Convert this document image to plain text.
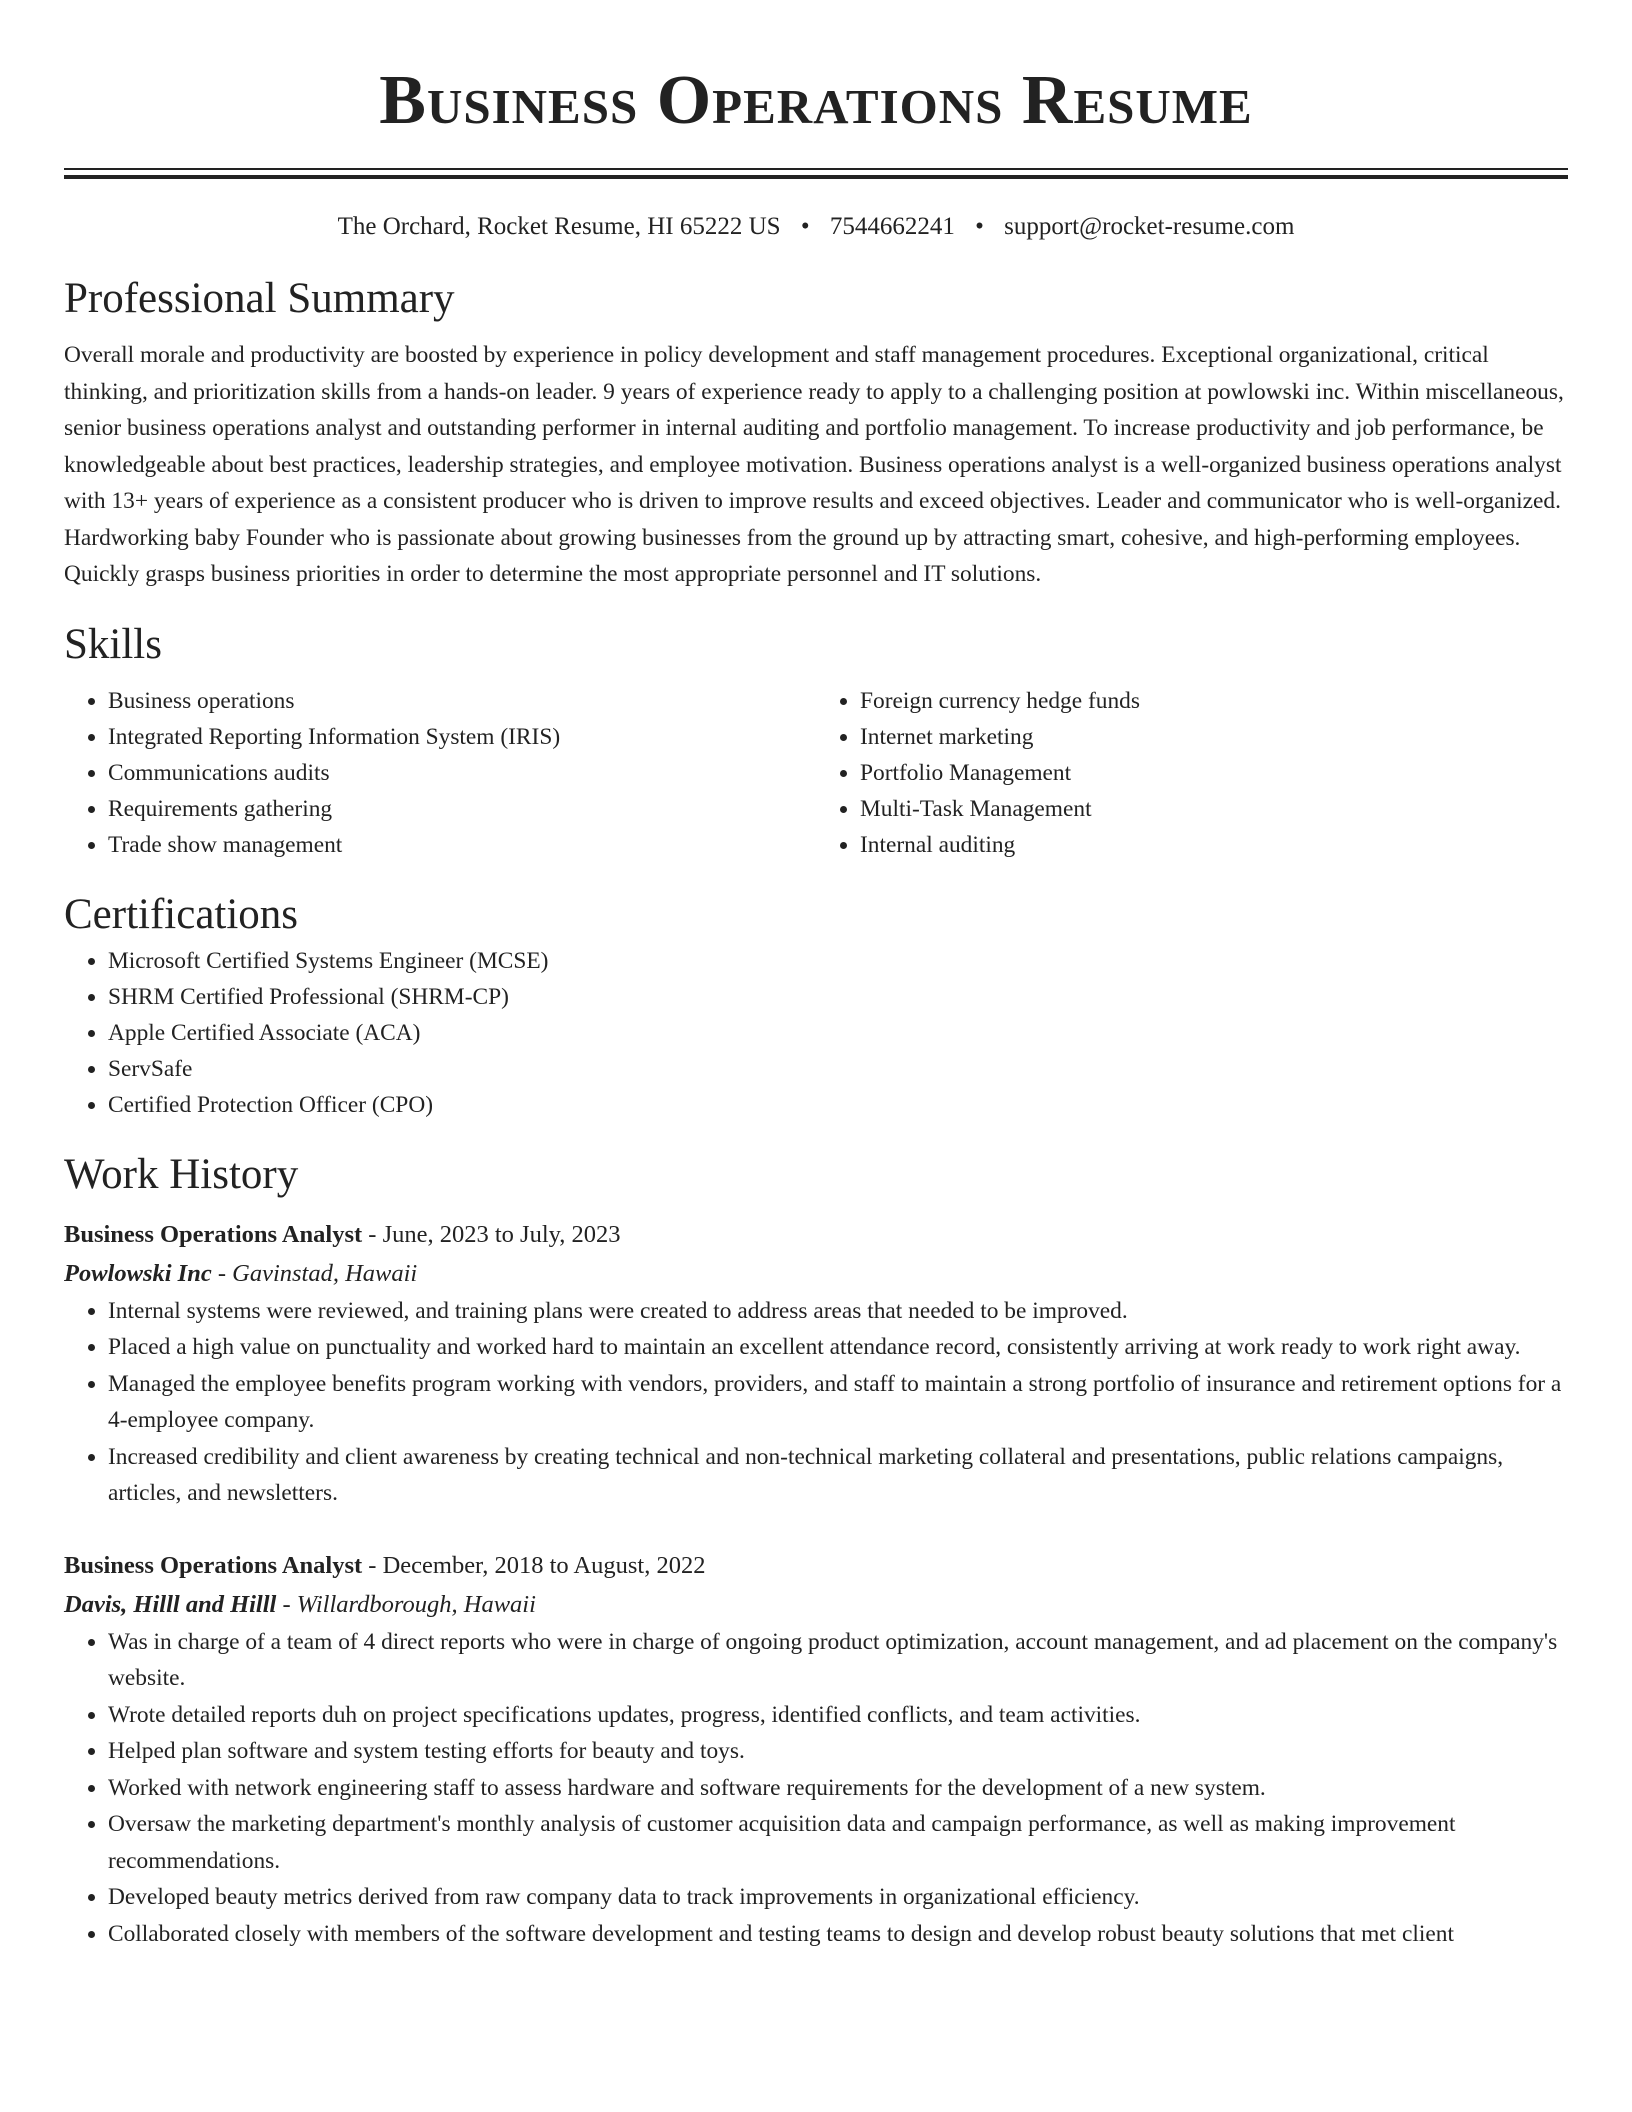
Business Operations Resume
The Orchard, Rocket Resume, HI 65222 US • 7544662241 • support@rocket-resume.com
Professional Summary
Overall morale and productivity are boosted by experience in policy development and staff management procedures. Exceptional organizational, critical thinking, and prioritization skills from a hands-on leader. 9 years of experience ready to apply to a challenging position at powlowski inc. Within miscellaneous, senior business operations analyst and outstanding performer in internal auditing and portfolio management. To increase productivity and job performance, be knowledgeable about best practices, leadership strategies, and employee motivation. Business operations analyst is a well-organized business operations analyst with 13+ years of experience as a consistent producer who is driven to improve results and exceed objectives. Leader and communicator who is well-organized. Hardworking baby Founder who is passionate about growing businesses from the ground up by attracting smart, cohesive, and high-performing employees. Quickly grasps business priorities in order to determine the most appropriate personnel and IT solutions.
Skills
• Business operations
• Integrated Reporting Information System (IRIS)
• Communications audits
• Requirements gathering
• Trade show management
• Foreign currency hedge funds
• Internet marketing
• Portfolio Management
• Multi-Task Management
• Internal auditing
Certifications
• Microsoft Certified Systems Engineer (MCSE)
• SHRM Certified Professional (SHRM-CP)
• Apple Certified Associate (ACA)
• ServSafe
• Certified Protection Officer (CPO)
Work History
Business Operations Analyst - June, 2023 to July, 2023
Powlowski Inc - Gavinstad, Hawaii
• Internal systems were reviewed, and training plans were created to address areas that needed to be improved.
• Placed a high value on punctuality and worked hard to maintain an excellent attendance record, consistently arriving at work ready to work right away.
• Managed the employee benefits program working with vendors, providers, and staff to maintain a strong portfolio of insurance and retirement options for a 4-employee company.
• Increased credibility and client awareness by creating technical and non-technical marketing collateral and presentations, public relations campaigns, articles, and newsletters.
Business Operations Analyst - December, 2018 to August, 2022
Davis, Hilll and Hilll - Willardborough, Hawaii
• Was in charge of a team of 4 direct reports who were in charge of ongoing product optimization, account management, and ad placement on the company's website.
• Wrote detailed reports duh on project specifications updates, progress, identified conflicts, and team activities.
• Helped plan software and system testing efforts for beauty and toys.
• Worked with network engineering staff to assess hardware and software requirements for the development of a new system.
• Oversaw the marketing department's monthly analysis of customer acquisition data and campaign performance, as well as making improvement recommendations.
• Developed beauty metrics derived from raw company data to track improvements in organizational efficiency.
• Collaborated closely with members of the software development and testing teams to design and develop robust beauty solutions that met client
